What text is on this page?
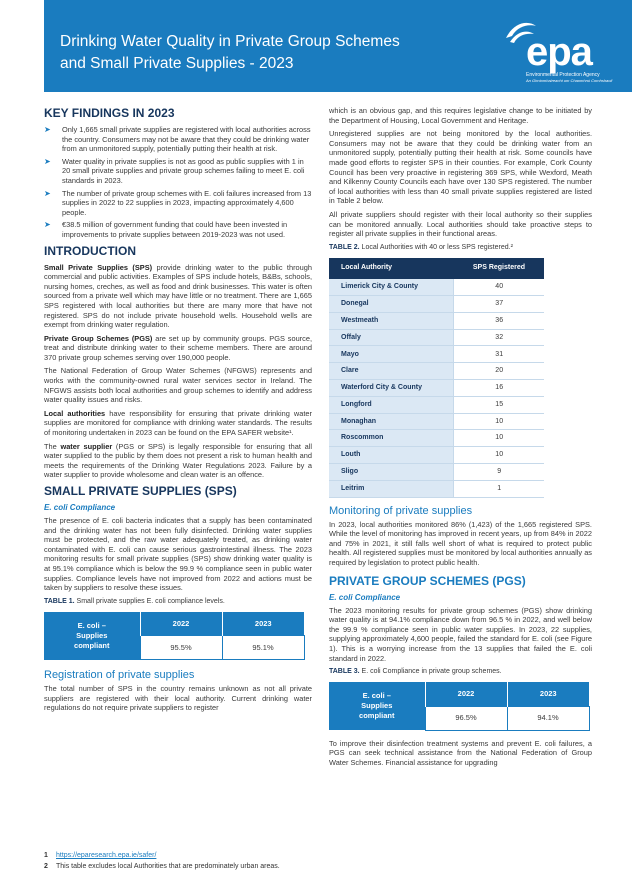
Drinking Water Quality in Private Group Schemes
and Small Private Supplies - 2023	epa
Environmental Protection Agency
An Ghníomhaireacht um Chaomhnú Comhshaoil
KEY FINDINGS IN 2023
➤ Only 1,665 small private supplies are registered with local authorities across the country. Consumers may not be aware that they could be drinking water from an unmonitored supply, potentially putting their health at risk.
➤ Water quality in private supplies is not as good as public supplies with 1 in 20 small private supplies and private group schemes failing to meet E. coli standards in 2023.
➤ The number of private group schemes with E. coli failures increased from 13 supplies in 2022 to 22 supplies in 2023, impacting approximately 4,600 people.
➤ €38.5 million of government funding that could have been invested in improvements to private supplies between 2019-2023 was not used.
INTRODUCTION

Small Private Supplies (SPS) provide drinking water to the public through commercial and public activities. Examples of SPS include hotels, B&Bs, schools, nursing homes, creches, as well as food and drink businesses. This water is often sourced from a private well which may have little or no treatment. There are 1,665 SPS registered with local authorities but there are many more that have not registered. SPS do not include private household wells. Household wells are exempt from drinking water regulation.

Private Group Schemes (PGS) are set up by community groups. PGS source, treat and distribute drinking water to their scheme members. There are around 370 private group schemes serving over 190,000 people.

The National Federation of Group Water Schemes (NFGWS) represents and works with the community-owned rural water services sector in Ireland. The NFGWS assists both local authorities and group schemes to identify and address water quality issues and risks.

Local authorities have responsibility for ensuring that private drinking water supplies are monitored for compliance with drinking water standards. The results of monitoring undertaken in 2023 can be found on the EPA SAFER website¹.

The water supplier (PGS or SPS) is legally responsible for ensuring that all water supplied to the public by them does not present a risk to human health and meets the requirements of the Drinking Water Regulations 2023. Failure by a water supplier to provide wholesome and clean water is an offence.

SMALL PRIVATE SUPPLIES (SPS)
E. coli Compliance

The presence of E. coli bacteria indicates that a supply has been contaminated and the drinking water has not been fully disinfected. Drinking water supplies must be protected, and the raw water adequately treated, as drinking water contaminated with E. coli can cause serious gastrointestinal illness. The 2023 monitoring results for small private supplies (SPS) show drinking water quality is at 95.1% compliance which is below the 99.9 % compliance seen in public water supplies. Compliance levels have not improved from 2022 and actions must be taken by suppliers to resolve these issues.

TABLE 1. Small private supplies E. coli compliance levels.
E. coli –
Supplies
compliant	2022	2023
	95.5%	95.1%
Registration of private supplies

The total number of SPS in the country remains unknown as not all private suppliers are registered with their local authority. Current drinking water regulations do not require private suppliers to register

which is an obvious gap, and this requires legislative change to be initiated by the Department of Housing, Local Government and Heritage.

Unregistered supplies are not being monitored by the local authorities. Consumers may not be aware that they could be drinking water from an unmonitored supply, potentially putting their health at risk. Some councils have made good efforts to register SPS in their counties. For example, Cork County Council has been very proactive in registering 369 SPS, while Wexford, Meath and Kilkenny County Councils each have over 130 SPS registered. The number of local authorities with less than 40 small private supplies registered are listed in Table 2 below.

All private suppliers should register with their local authority so their supplies can be monitored annually. Local authorities should take proactive steps to register all private supplies in their functional areas.

TABLE 2. Local Authorities with 40 or less SPS registered.²
Local Authority	SPS Registered
Limerick City & County	40
Donegal	37
Westmeath	36
Offaly	32
Mayo	31
Clare	20
Waterford City & County	16
Longford	15
Monaghan	10
Roscommon	10
Louth	10
Sligo	9
Leitrim	1
Monitoring of private supplies

In 2023, local authorities monitored 86% (1,423) of the 1,665 registered SPS. While the level of monitoring has improved in recent years, up from 84% in 2022 and 75% in 2021, it still falls well short of what is required to protect public health. All registered supplies must be monitored by local authorities annually as required by legislation to protect public health.

PRIVATE GROUP SCHEMES (PGS)
E. coli Compliance

The 2023 monitoring results for private group schemes (PGS) show drinking water quality is at 94.1% compliance down from 96.5 % in 2022, and well below the 99.9 % compliance seen in public water supplies. In 2023, 22 supplies, supplying approximately 4,600 people, failed the standard for E. coli (see Figure 1). This is a worrying increase from the 13 supplies that failed the E. coli standard in 2022.

TABLE 3. E. coli Compliance in private group schemes.
E. coli –
Supplies
compliant	2022	2023
	96.5%	94.1%

To improve their disinfection treatment systems and prevent E. coli failures, a PGS can seek technical assistance from the National Federation of Group Water Schemes. Financial assistance for upgrading

1 https://eparesearch.epa.ie/safer/
2 This table excludes local Authorities that are predominately urban areas.
